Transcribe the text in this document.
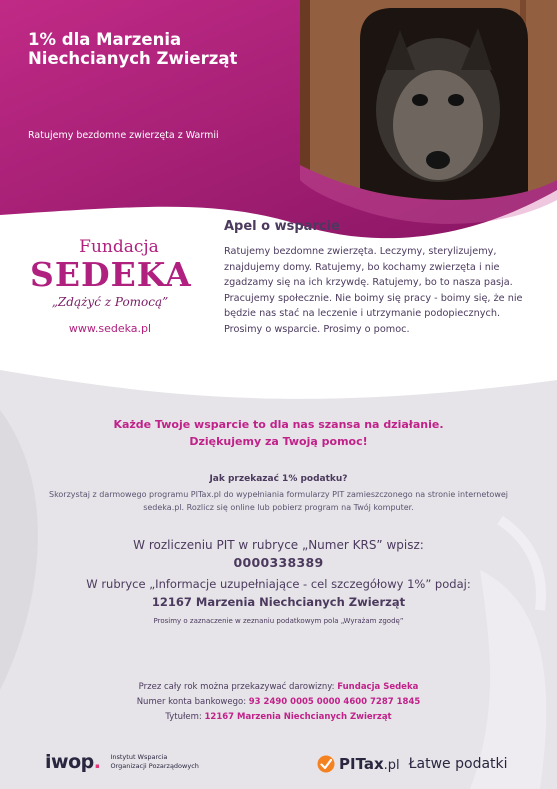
1% dla Marzenia Niechcianych Zwierząt
Ratujemy bezdomne zwierzęta z Warmii
Fundacja
SEDEKA
„Zdążyć z Pomocą”
www.sedeka.pl
Apel o wsparcie
Ratujemy bezdomne zwierzęta. Leczymy, sterylizujemy, znajdujemy domy. Ratujemy, bo kochamy zwierzęta i nie zgadzamy się na ich krzywdę. Ratujemy, bo to nasza pasja. Pracujemy społecznie. Nie boimy się pracy - boimy się, że nie będzie nas stać na leczenie i utrzymanie podopiecznych. Prosimy o wsparcie. Prosimy o pomoc.
Każde Twoje wsparcie to dla nas szansa na działanie.
Dziękujemy za Twoją pomoc!
Jak przekazać 1% podatku?
Skorzystaj z darmowego programu PITax.pl do wypełniania formularzy PIT zamieszczonego na stronie internetowej sedeka.pl. Rozlicz się online lub pobierz program na Twój komputer.
W rozliczeniu PIT w rubryce „Numer KRS” wpisz:
0000338389
W rubryce „Informacje uzupełniające - cel szczegółowy 1%” podaj:
12167 Marzenia Niechcianych Zwierząt
Prosimy o zaznaczenie w zeznaniu podatkowym pola „Wyrażam zgodę”
Przez cały rok można przekazywać darowizny: Fundacja Sedeka
Numer konta bankowego: 93 2490 0005 0000 4600 7287 1845
Tytułem: 12167 Marzenia Niechcianych Zwierząt
iwop. Instytut Wsparcia
Organizacji Pozarządowych	PITax.pl Łatwe podatki
